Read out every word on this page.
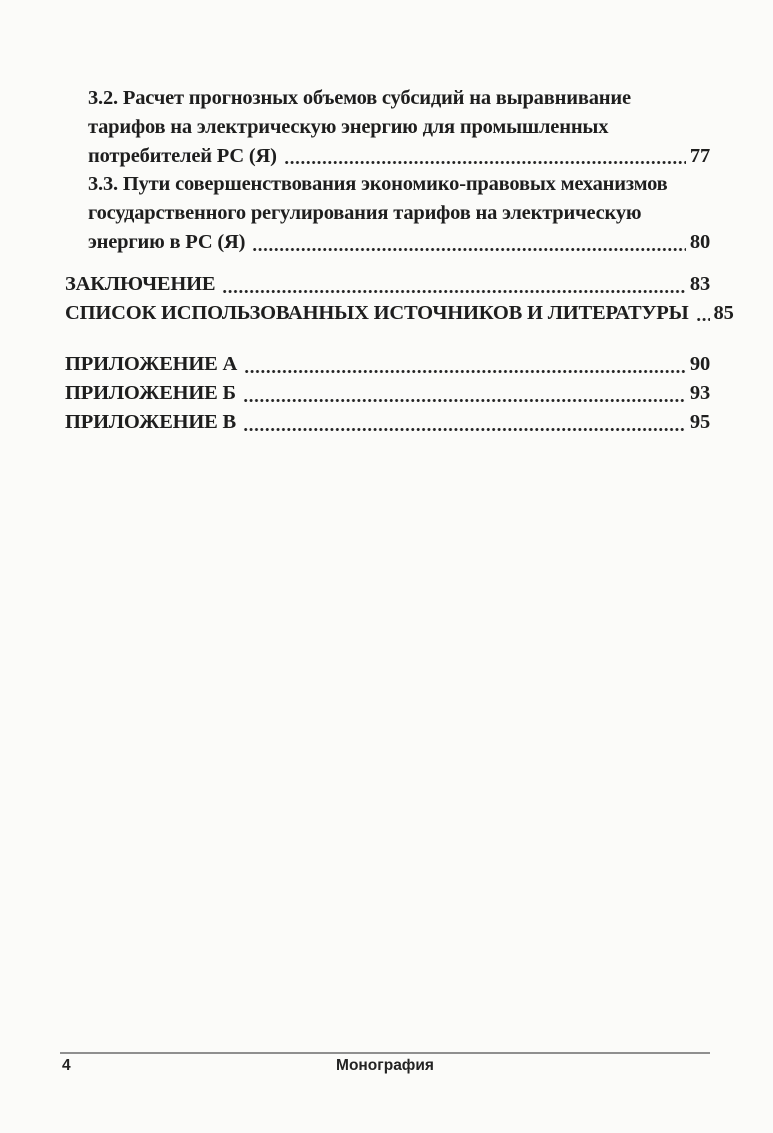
3.2. Расчет прогнозных объемов субсидий на выравнивание
тарифов на электрическую энергию для промышленных
потребителей РС (Я)	77
3.3. Пути совершенствования экономико-правовых механизмов
государственного регулирования тарифов на электрическую
энергию в РС (Я)	80
ЗАКЛЮЧЕНИЕ	83
СПИСОК ИСПОЛЬЗОВАННЫХ ИСТОЧНИКОВ И ЛИТЕРАТУРЫ 85
ПРИЛОЖЕНИЕ А	90
ПРИЛОЖЕНИЕ Б	93
ПРИЛОЖЕНИЕ В	95
4	Монография
